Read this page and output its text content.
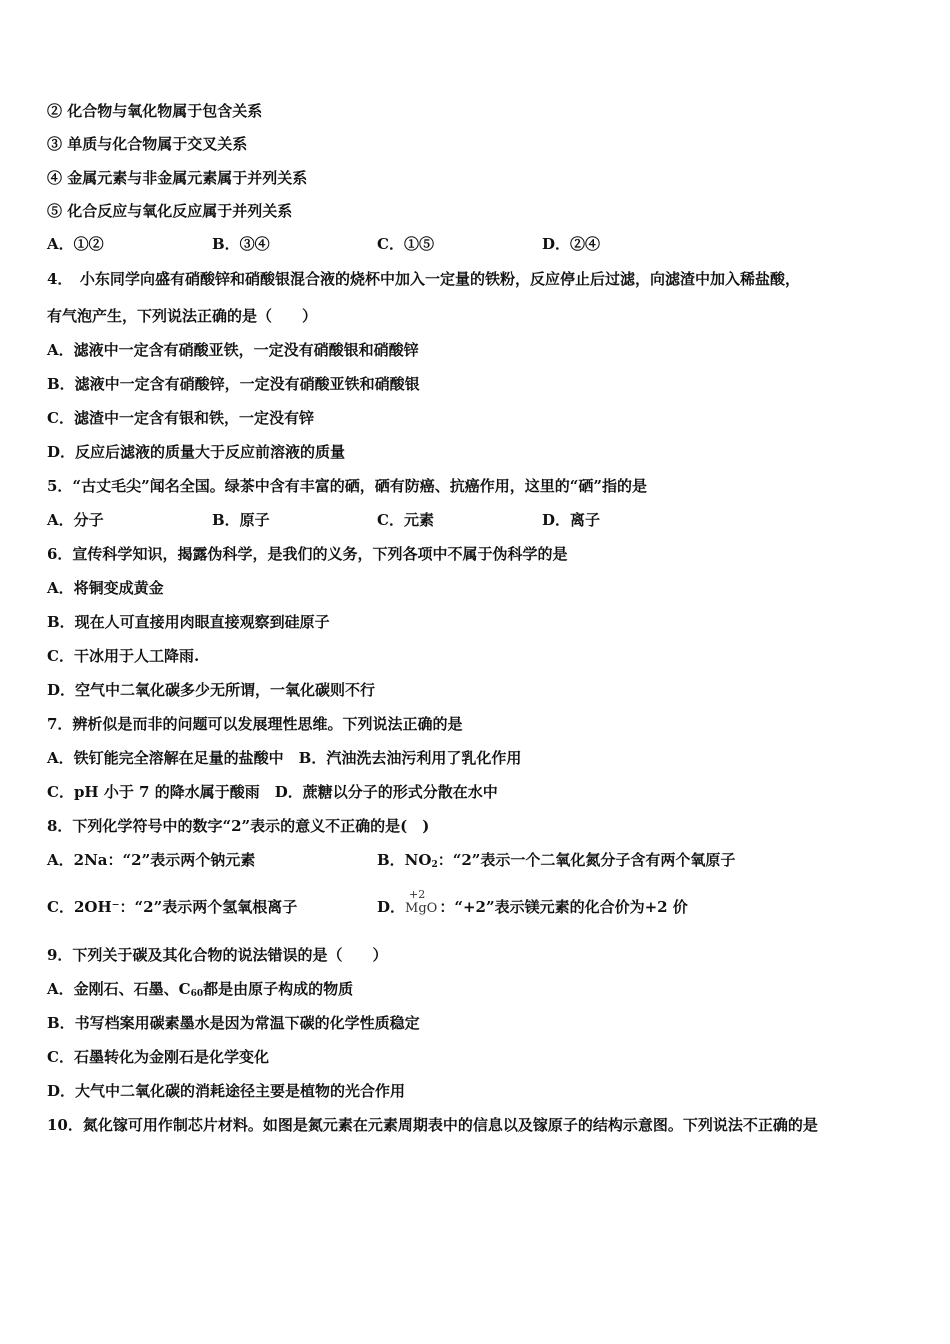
② 化合物与氧化物属于包含关系
③ 单质与化合物属于交叉关系
④ 金属元素与非金属元素属于并列关系
⑤ 化合反应与氧化反应属于并列关系
A．①②	B．③④	C．①⑤	D．②④
4．　小东同学向盛有硝酸锌和硝酸银混合液的烧杯中加入一定量的铁粉，反应停止后过滤，向滤渣中加入稀盐酸，
有气泡产生，下列说法正确的是（　　）
A．滤液中一定含有硝酸亚铁，一定没有硝酸银和硝酸锌
B．滤液中一定含有硝酸锌，一定没有硝酸亚铁和硝酸银
C．滤渣中一定含有银和铁，一定没有锌
D．反应后滤液的质量大于反应前溶液的质量
5．“古丈毛尖”闻名全国。绿茶中含有丰富的硒，硒有防癌、抗癌作用，这里的“硒”指的是
A．分子	B．原子	C．元素	D．离子
6．宣传科学知识，揭露伪科学，是我们的义务，下列各项中不属于伪科学的是
A．将铜变成黄金
B．现在人可直接用肉眼直接观察到硅原子
C．干冰用于人工降雨.
D．空气中二氧化碳多少无所谓，一氧化碳则不行
7．辨析似是而非的问题可以发展理性思维。下列说法正确的是
A．铁钉能完全溶解在足量的盐酸中　B．汽油洗去油污利用了乳化作用
C．pH 小于 7 的降水属于酸雨　D．蔗糖以分子的形式分散在水中
8．下列化学符号中的数字“2”表示的意义不正确的是(　)
A．2Na：“2”表示两个钠元素	B．$NO_2$：“2”表示一个二氧化氮分子含有两个氧原子
C．2OH⁻：“2”表示两个氢氧根离子	D．
+2
MgO ：“+2”表示镁元素的化合价为+2 价
9．下列关于碳及其化合物的说法错误的是（　　）
A．金刚石、石墨、$C_{60}$都是由原子构成的物质
B．书写档案用碳素墨水是因为常温下碳的化学性质稳定
C．石墨转化为金刚石是化学变化
D．大气中二氧化碳的消耗途径主要是植物的光合作用
10．氮化镓可用作制芯片材料。如图是氮元素在元素周期表中的信息以及镓原子的结构示意图。下列说法不正确的是
